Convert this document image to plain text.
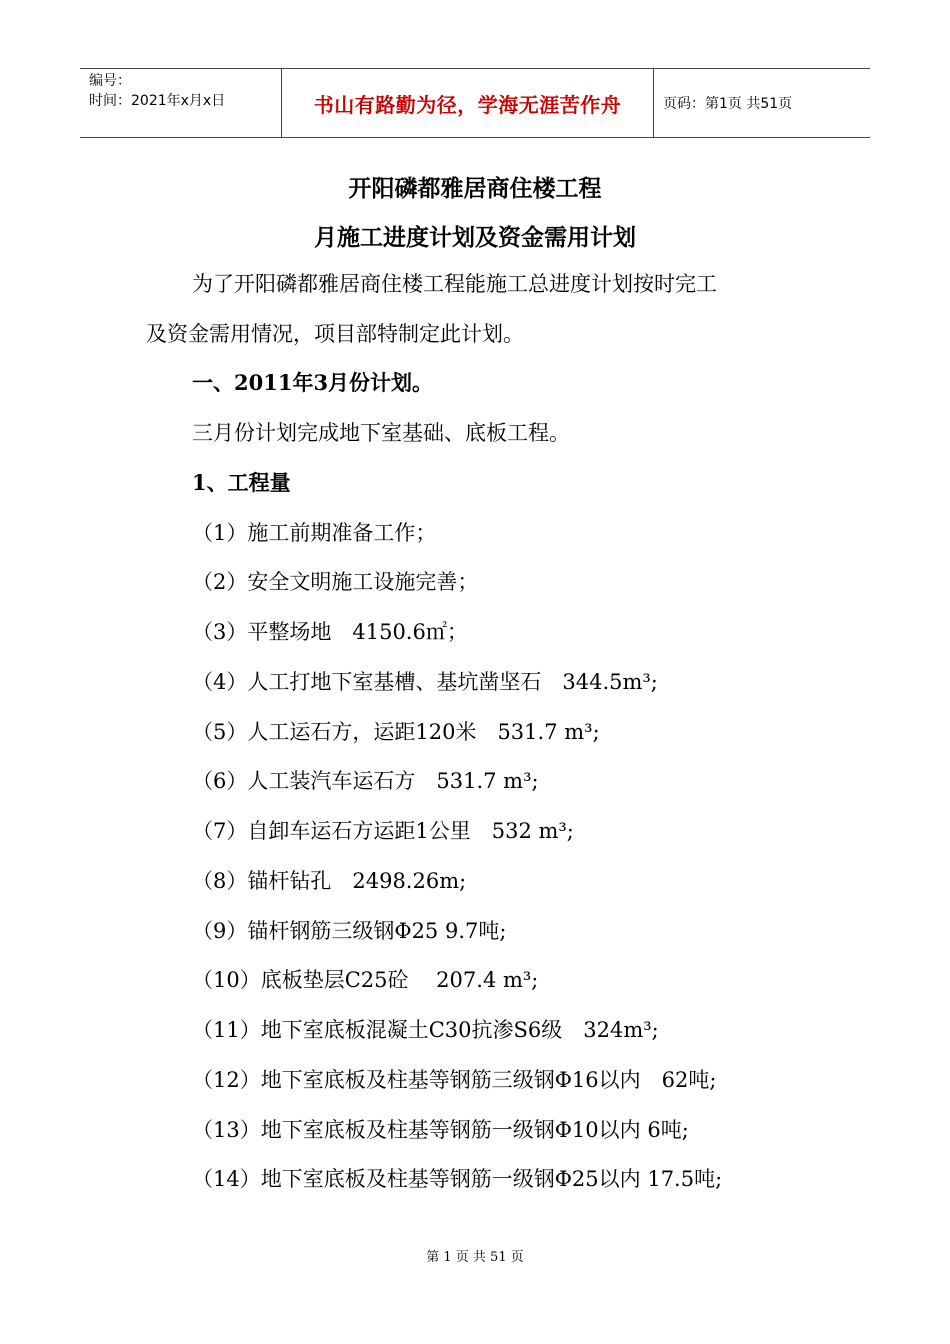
编号：
时间：2021年x月x日	书山有路勤为径，学海无涯苦作舟	页码：第1页 共51页
开阳磷都雅居商住楼工程
月施工进度计划及资金需用计划
为了开阳磷都雅居商住楼工程能施工总进度计划按时完工
及资金需用情况，项目部特制定此计划。
一、2011年3月份计划。
三月份计划完成地下室基础、底板工程。
1、工程量
（1）施工前期准备工作；
（2）安全文明施工设施完善；
（3）平整场地　4150.6㎡；
（4）人工打地下室基槽、基坑凿坚石　344.5m³;
（5）人工运石方，运距120米　531.7 m³;
（6）人工装汽车运石方　531.7 m³;
（7）自卸车运石方运距1公里　532 m³;
（8）锚杆钻孔　2498.26m;
（9）锚杆钢筋三级钢Φ25 9.7吨;
（10）底板垫层C25砼　 207.4 m³;
（11）地下室底板混凝土C30抗渗S6级　324m³;
（12）地下室底板及柱基等钢筋三级钢Φ16以内　62吨;
（13）地下室底板及柱基等钢筋一级钢Φ10以内 6吨;
（14）地下室底板及柱基等钢筋一级钢Φ25以内 17.5吨;
第 1 页 共 51 页
